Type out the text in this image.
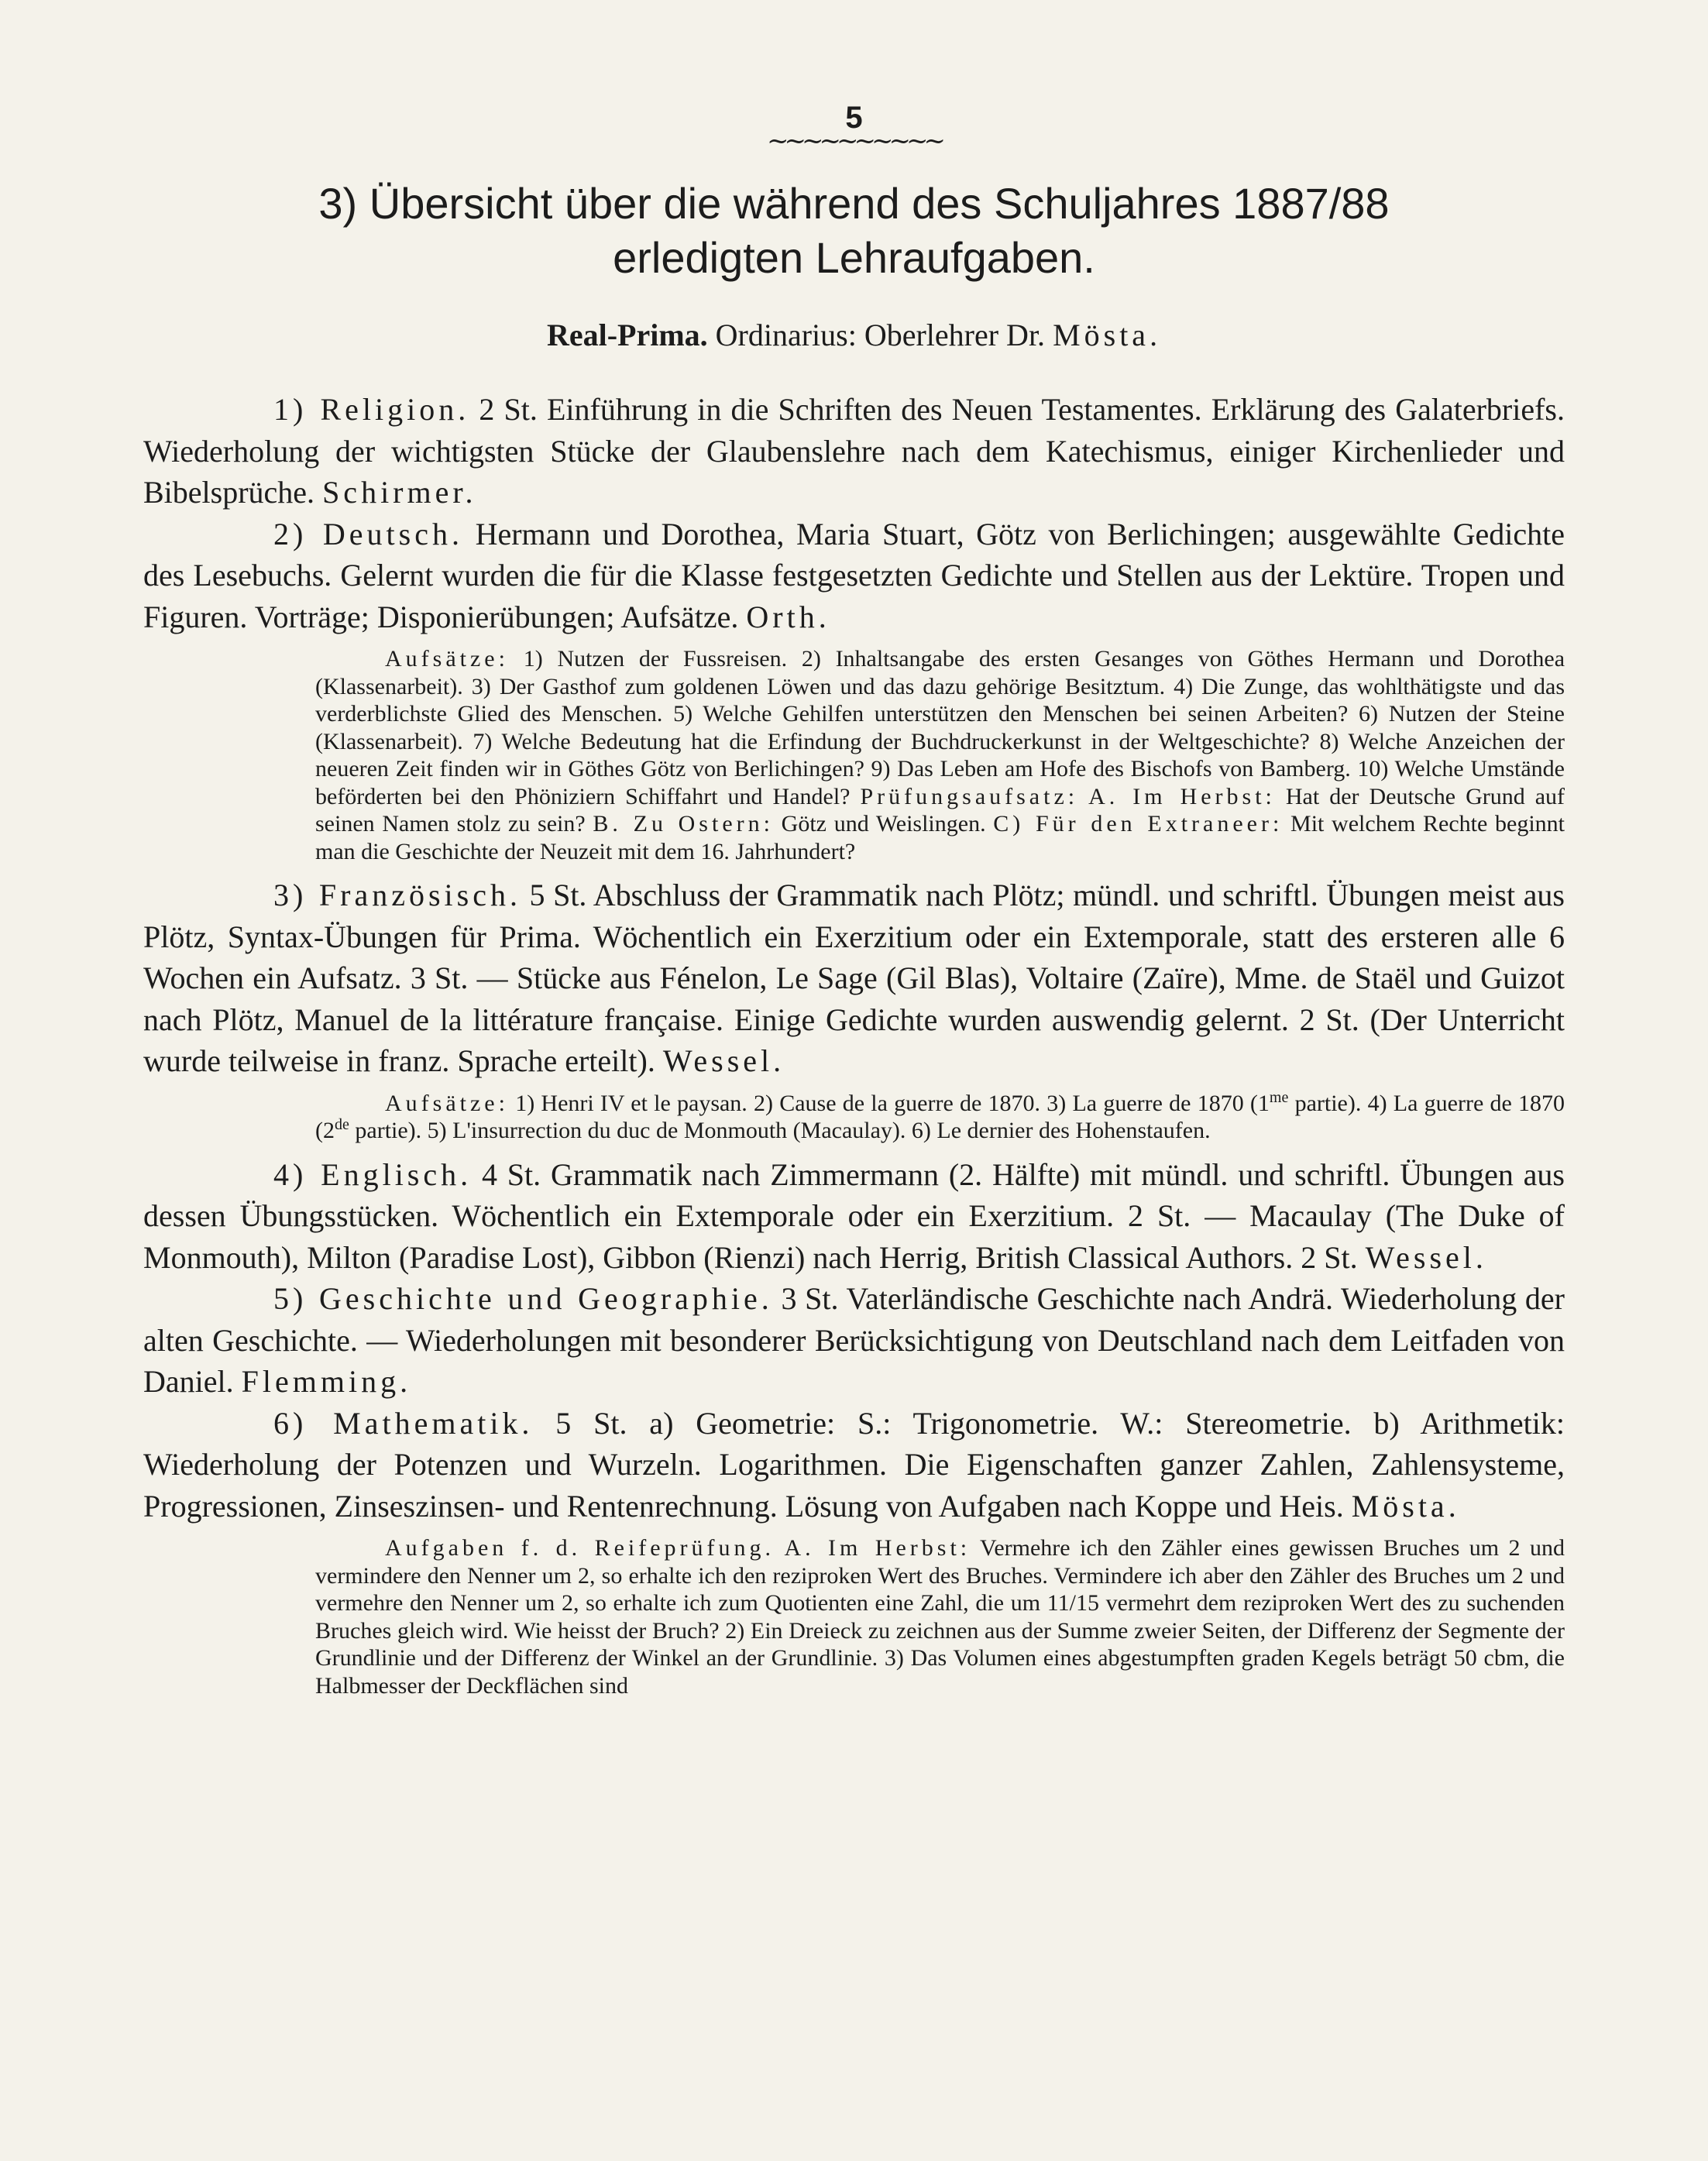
5
~~~~~~~~~~
3) Übersicht über die während des Schuljahres 1887/88
erledigten Lehraufgaben.
Real-Prima. Ordinarius: Oberlehrer Dr. Mösta.

1) Religion. 2 St. Einführung in die Schriften des Neuen Testamentes. Erklärung des Galaterbriefs. Wiederholung der wichtigsten Stücke der Glaubenslehre nach dem Katechismus, einiger Kirchenlieder und Bibelsprüche. Schirmer.

2) Deutsch. Hermann und Dorothea, Maria Stuart, Götz von Berlichingen; ausgewählte Gedichte des Lesebuchs. Gelernt wurden die für die Klasse festgesetzten Gedichte und Stellen aus der Lektüre. Tropen und Figuren. Vorträge; Disponierübungen; Aufsätze. Orth.

Aufsätze: 1) Nutzen der Fussreisen. 2) Inhaltsangabe des ersten Gesanges von Göthes Hermann und Dorothea (Klassenarbeit). 3) Der Gasthof zum goldenen Löwen und das dazu gehörige Besitztum. 4) Die Zunge, das wohlthätigste und das verderblichste Glied des Menschen. 5) Welche Gehilfen unterstützen den Menschen bei seinen Arbeiten? 6) Nutzen der Steine (Klassenarbeit). 7) Welche Bedeutung hat die Erfindung der Buchdruckerkunst in der Weltgeschichte? 8) Welche Anzeichen der neueren Zeit finden wir in Göthes Götz von Berlichingen? 9) Das Leben am Hofe des Bischofs von Bamberg. 10) Welche Umstände beförderten bei den Phöniziern Schiffahrt und Handel? Prüfungsaufsatz: A. Im Herbst: Hat der Deutsche Grund auf seinen Namen stolz zu sein? B. Zu Ostern: Götz und Weislingen. C) Für den Extraneer: Mit welchem Rechte beginnt man die Geschichte der Neuzeit mit dem 16. Jahrhundert?

3) Französisch. 5 St. Abschluss der Grammatik nach Plötz; mündl. und schriftl. Übungen meist aus Plötz, Syntax-Übungen für Prima. Wöchentlich ein Exerzitium oder ein Extemporale, statt des ersteren alle 6 Wochen ein Aufsatz. 3 St. — Stücke aus Fénelon, Le Sage (Gil Blas), Voltaire (Zaïre), Mme. de Staël und Guizot nach Plötz, Manuel de la littérature française. Einige Gedichte wurden auswendig gelernt. 2 St. (Der Unterricht wurde teilweise in franz. Sprache erteilt). Wessel.

Aufsätze: 1) Henri IV et le paysan. 2) Cause de la guerre de 1870. 3) La guerre de 1870 ($1^{me}$ partie). 4) La guerre de 1870 (2de partie). 5) L'insurrection du duc de Monmouth (Macaulay). 6) Le dernier des Hohenstaufen.

4) Englisch. 4 St. Grammatik nach Zimmermann (2. Hälfte) mit mündl. und schriftl. Übungen aus dessen Übungsstücken. Wöchentlich ein Extemporale oder ein Exerzitium. 2 St. — Macaulay (The Duke of Monmouth), Milton (Paradise Lost), Gibbon (Rienzi) nach Herrig, British Classical Authors. 2 St. Wessel.

5) Geschichte und Geographie. 3 St. Vaterländische Geschichte nach Andrä. Wiederholung der alten Geschichte. — Wiederholungen mit besonderer Berücksichtigung von Deutschland nach dem Leitfaden von Daniel. Flemming.

6) Mathematik. 5 St. a) Geometrie: S.: Trigonometrie. W.: Stereometrie. b) Arithmetik: Wiederholung der Potenzen und Wurzeln. Logarithmen. Die Eigenschaften ganzer Zahlen, Zahlensysteme, Progressionen, Zinseszinsen- und Rentenrechnung. Lösung von Aufgaben nach Koppe und Heis. Mösta.

Aufgaben f. d. Reifeprüfung. A. Im Herbst: Vermehre ich den Zähler eines gewissen Bruches um 2 und vermindere den Nenner um 2, so erhalte ich den reziproken Wert des Bruches. Vermindere ich aber den Zähler des Bruches um 2 und vermehre den Nenner um 2, so erhalte ich zum Quotienten eine Zahl, die um 11/15 vermehrt dem reziproken Wert des zu suchenden Bruches gleich wird. Wie heisst der Bruch? 2) Ein Dreieck zu zeichnen aus der Summe zweier Seiten, der Differenz der Segmente der Grundlinie und der Differenz der Winkel an der Grundlinie. 3) Das Volumen eines abgestumpften graden Kegels beträgt 50 cbm, die Halbmesser der Deckflächen sind
